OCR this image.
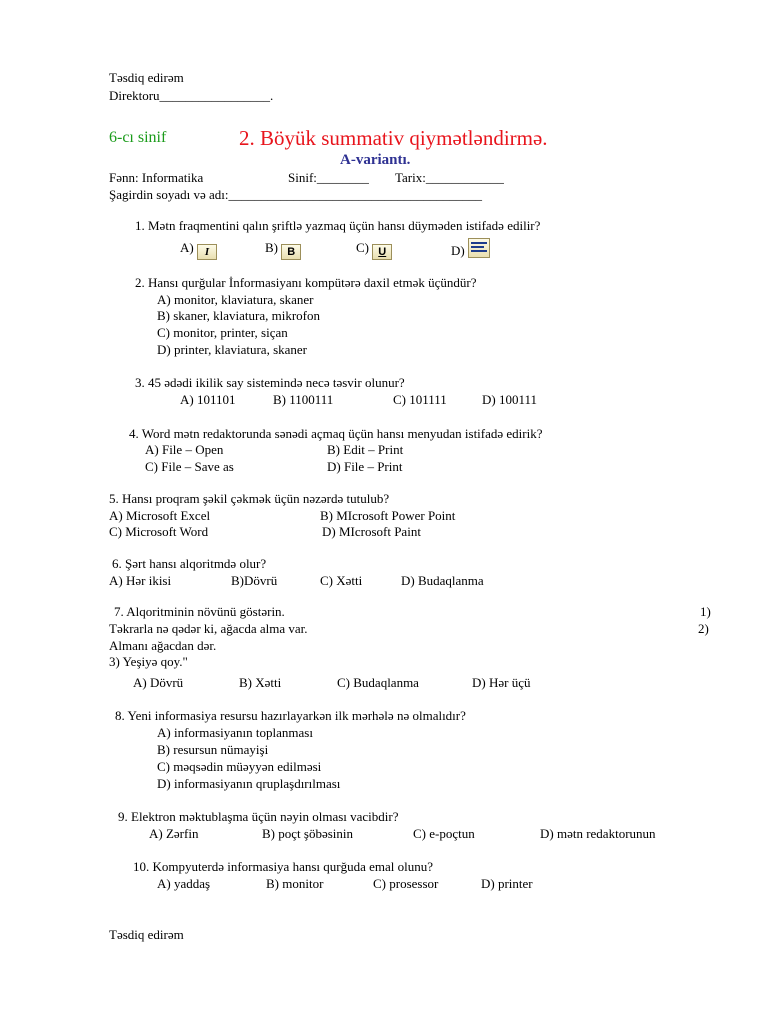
Təsdiq edirəm
Direktoru_________________.
6-cı sinif	2. Böyük summativ qiymətləndirmə.
A-variantı.
Fənn: Informatika	Sinif:________ Tarix:____________
Şagirdin soyadı və adı:_______________________________________
1. Mətn fraqmentini qalın şriftlə yazmaq üçün hansı düyməden istifadə edilir?
A) I	B) B	C) U	D)
2. Hansı qurğular İnformasiyanı kompütərə daxil etmək üçündür?
A) monitor, klaviatura, skaner
B) skaner, klaviatura, mikrofon
C) monitor, printer, siçan
D) printer, klaviatura, skaner
3. 45 ədədi ikilik say sistemində necə təsvir olunur?
A) 101101	B) 1100111	C) 101111	D) 100111
4. Word mətn redaktorunda sənədi açmaq üçün hansı menyudan istifadə edirik?
A) File – Open	B) Edit – Print
C) File – Save as	D) File – Print
5. Hansı proqram şəkil çəkmək üçün nəzərdə tutulub?
A) Microsoft Excel	B) MIcrosoft Power Point
C) Microsoft Word	D) MIcrosoft Paint
6. Şərt hansı alqoritmdə olur?
A) Hər ikisi	B)Dövrü	C) Xətti	D) Budaqlanma
7. Alqoritminin növünü göstərin.	1)
Təkrarla nə qədər ki, ağacda alma var.	2)
Almanı ağacdan dər.
3) Yeşiyə qoy."
A) Dövrü	B) Xətti	C) Budaqlanma	D) Hər üçü
8. Yeni informasiya resursu hazırlayarkən ilk mərhələ nə olmalıdır?
A) informasiyanın toplanması
B) resursun nümayişi
C) məqsədin müəyyən edilməsi
D) informasiyanın qruplaşdırılması
9. Elektron məktublaşma üçün nəyin olması vacibdir?
A) Zərfin	B) poçt şöbəsinin	C) e-poçtun	D) mətn redaktorunun
10. Kompyuterdə informasiya hansı qurğuda emal olunu?
A) yaddaş	B) monitor	C) prosessor	D) printer
Təsdiq edirəm
